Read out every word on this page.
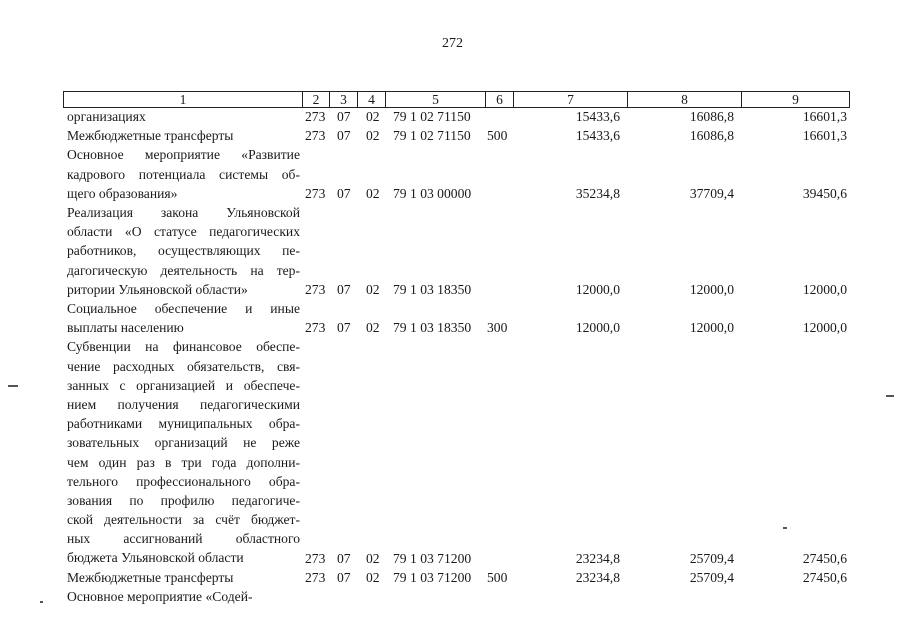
272
1	2	3	4	5	6	7	8	9
организациях	273 07 02 79 1 02 71150	15433,6	16086,8	16601,3
Межбюджетные трансферты	273 07 02 79 1 02 71150 500	15433,6	16086,8	16601,3
Основное мероприятие «Развитие
кадрового потенциала системы об-
щего образования»	273 07 02 79 1 03 00000	35234,8	37709,4	39450,6
Реализация закона Ульяновской
области «О статусе педагогических
работников, осуществляющих пе-
дагогическую деятельность на тер-
ритории Ульяновской области»	273 07 02 79 1 03 18350	12000,0	12000,0	12000,0
Социальное обеспечение и иные
выплаты населению	273 07 02 79 1 03 18350 300	12000,0	12000,0	12000,0
Субвенции на финансовое обеспе-
чение расходных обязательств, свя-
занных с организацией и обеспече-
нием получения педагогическими
работниками муниципальных обра-
зовательных организаций не реже
чем один раз в три года дополни-
тельного профессионального обра-
зования по профилю педагогиче-
ской деятельности за счёт бюджет-
ных ассигнований областного
бюджета Ульяновской области	273 07 02 79 1 03 71200	23234,8	25709,4	27450,6
Межбюджетные трансферты	273 07 02 79 1 03 71200 500	23234,8	25709,4	27450,6
Основное мероприятие «Содей-
